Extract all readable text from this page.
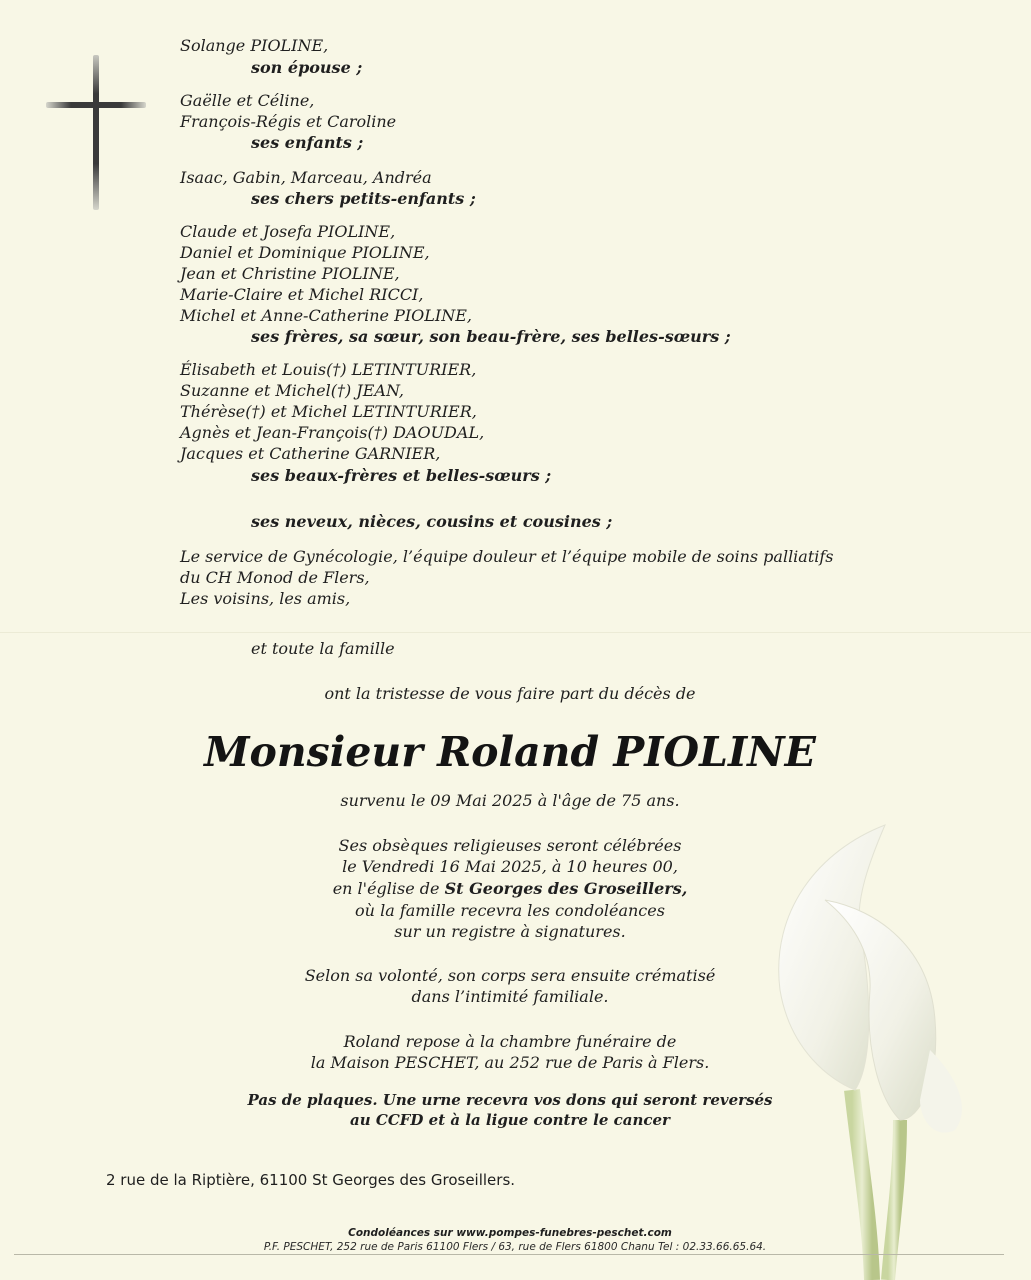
Solange PIOLINE,
son épouse ;
Gaëlle et Céline,
François-Régis et Caroline
ses enfants ;
Isaac, Gabin, Marceau, Andréa
ses chers petits-enfants ;
Claude et Josefa PIOLINE,
Daniel et Dominique PIOLINE,
Jean et Christine PIOLINE,
Marie-Claire et Michel RICCI,
Michel et Anne-Catherine PIOLINE,
ses frères, sa sœur, son beau-frère, ses belles-sœurs ;
Élisabeth et Louis(†) LETINTURIER,
Suzanne et Michel(†) JEAN,
Thérèse(†) et Michel LETINTURIER,
Agnès et Jean-François(†) DAOUDAL,
Jacques et Catherine GARNIER,
ses beaux-frères et belles-sœurs ;
ses neveux, nièces, cousins et cousines ;
Le service de Gynécologie, l’équipe douleur et l’équipe mobile de soins palliatifs
du CH Monod de Flers,
Les voisins, les amis,
et toute la famille
ont la tristesse de vous faire part du décès de
Monsieur Roland PIOLINE
survenu le 09 Mai 2025 à l'âge de 75 ans.
Ses obsèques religieuses seront célébrées
le Vendredi 16 Mai 2025, à 10 heures 00,
en l'église de St Georges des Groseillers,
où la famille recevra les condoléances
sur un registre à signatures.
Selon sa volonté, son corps sera ensuite crématisé
dans l’intimité familiale.
Roland repose à la chambre funéraire de
la Maison PESCHET, au 252 rue de Paris à Flers.
Pas de plaques. Une urne recevra vos dons qui seront reversés
au CCFD et à la ligue contre le cancer
2 rue de la Riptière, 61100 St Georges des Groseillers.
Condoléances sur www.pompes-funebres-peschet.com
P.F. PESCHET, 252 rue de Paris 61100 Flers / 63, rue de Flers 61800 Chanu Tel : 02.33.66.65.64.
